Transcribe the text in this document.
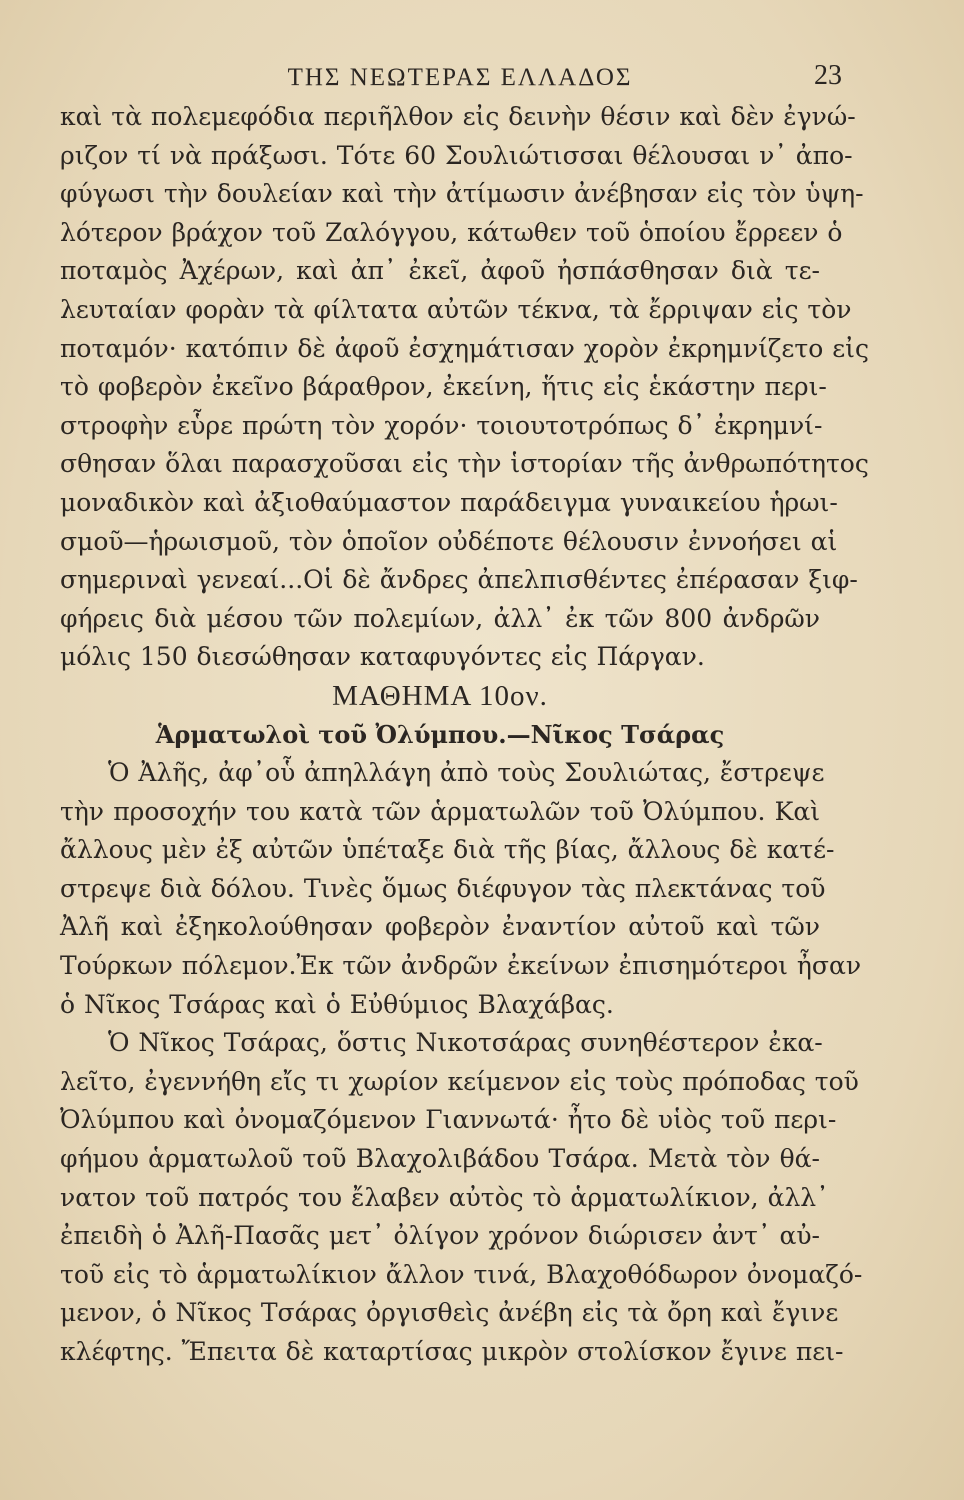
ΤΗΣ ΝΕΩΤΕΡΑΣ ΕΛΛΑΔΟΣ	23
καὶ τὰ πολεμεφόδια περιῆλθον εἰς δεινὴν θέσιν καὶ δὲν ἐγνώ-
ριζον τί νὰ πράξωσι. Τότε 60 Σουλιώτισσαι θέλουσαι ν᾽ ἀπο-
φύγωσι τὴν δουλείαν καὶ τὴν ἀτίμωσιν ἀνέβησαν εἰς τὸν ὑψη-
λότερον βράχον τοῦ Ζαλόγγου, κάτωθεν τοῦ ὁποίου ἔρρεεν ὁ
ποταμὸς Ἀχέρων, καὶ ἀπ᾽ ἐκεῖ, ἀφοῦ ἠσπάσθησαν διὰ τε-
λευταίαν φορὰν τὰ φίλτατα αὐτῶν τέκνα, τὰ ἔρριψαν εἰς τὸν
ποταμόν· κατόπιν δὲ ἀφοῦ ἐσχημάτισαν χορὸν ἐκρημνίζετο εἰς
τὸ φοβερὸν ἐκεῖνο βάραθρον, ἐκείνη, ἥτις εἰς ἑκάστην περι-
στροφὴν εὗρε πρώτη τὸν χορόν· τοιουτοτρόπως δ᾽ ἐκρημνί-
σθησαν ὅλαι παρασχοῦσαι εἰς τὴν ἱστορίαν τῆς ἀνθρωπότητος
μοναδικὸν καὶ ἀξιοθαύμαστον παράδειγμα γυναικείου ἡρωι-
σμοῦ—ἡρωισμοῦ, τὸν ὁποῖον οὐδέποτε θέλουσιν ἐννοήσει αἱ
σημεριναὶ γενεαί...Οἱ δὲ ἄνδρες ἀπελπισθέντες ἐπέρασαν ξιφ-
φήρεις διὰ μέσου τῶν πολεμίων, ἀλλ᾽ ἐκ τῶν 800 ἀνδρῶν
μόλις 150 διεσώθησαν καταφυγόντες εἰς Πάργαν.
ΜΑΘΗΜΑ 10ον.
Ἁρματωλοὶ τοῦ Ὀλύμπου.—Νῖκος Τσάρας
Ὁ Ἀλῆς, ἀφ᾽οὗ ἀπηλλάγη ἀπὸ τοὺς Σουλιώτας, ἔστρεψε
τὴν προσοχήν του κατὰ τῶν ἁρματωλῶν τοῦ Ὀλύμπου. Καὶ
ἄλλους μὲν ἐξ αὐτῶν ὑπέταξε διὰ τῆς βίας, ἄλλους δὲ κατέ-
στρεψε διὰ δόλου. Τινὲς ὅμως διέφυγον τὰς πλεκτάνας τοῦ
Ἀλῆ καὶ ἐξηκολούθησαν φοβερὸν ἐναντίον αὐτοῦ καὶ τῶν
Τούρκων πόλεμον.Ἐκ τῶν ἀνδρῶν ἐκείνων ἐπισημότεροι ἦσαν
ὁ Νῖκος Τσάρας καὶ ὁ Εὐθύμιος Βλαχάβας.
Ὁ Νῖκος Τσάρας, ὅστις Νικοτσάρας συνηθέστερον ἐκα-
λεῖτο, ἐγεννήθη εἴς τι χωρίον κείμενον εἰς τοὺς πρόποδας τοῦ
Ὀλύμπου καὶ ὀνομαζόμενον Γιαννωτά· ἦτο δὲ υἱὸς τοῦ περι-
φήμου ἁρματωλοῦ τοῦ Βλαχολιβάδου Τσάρα. Μετὰ τὸν θά-
νατον τοῦ πατρός του ἔλαβεν αὐτὸς τὸ ἁρματωλίκιον, ἀλλ᾽
ἐπειδὴ ὁ Ἀλῆ-Πασᾶς μετ᾽ ὀλίγον χρόνον διώρισεν ἀντ᾽ αὐ-
τοῦ εἰς τὸ ἁρματωλίκιον ἄλλον τινά, Βλαχοθόδωρον ὀνομαζό-
μενον, ὁ Νῖκος Τσάρας ὀργισθεὶς ἀνέβη εἰς τὰ ὄρη καὶ ἔγινε
κλέφτης. Ἔπειτα δὲ καταρτίσας μικρὸν στολίσκον ἔγινε πει-
